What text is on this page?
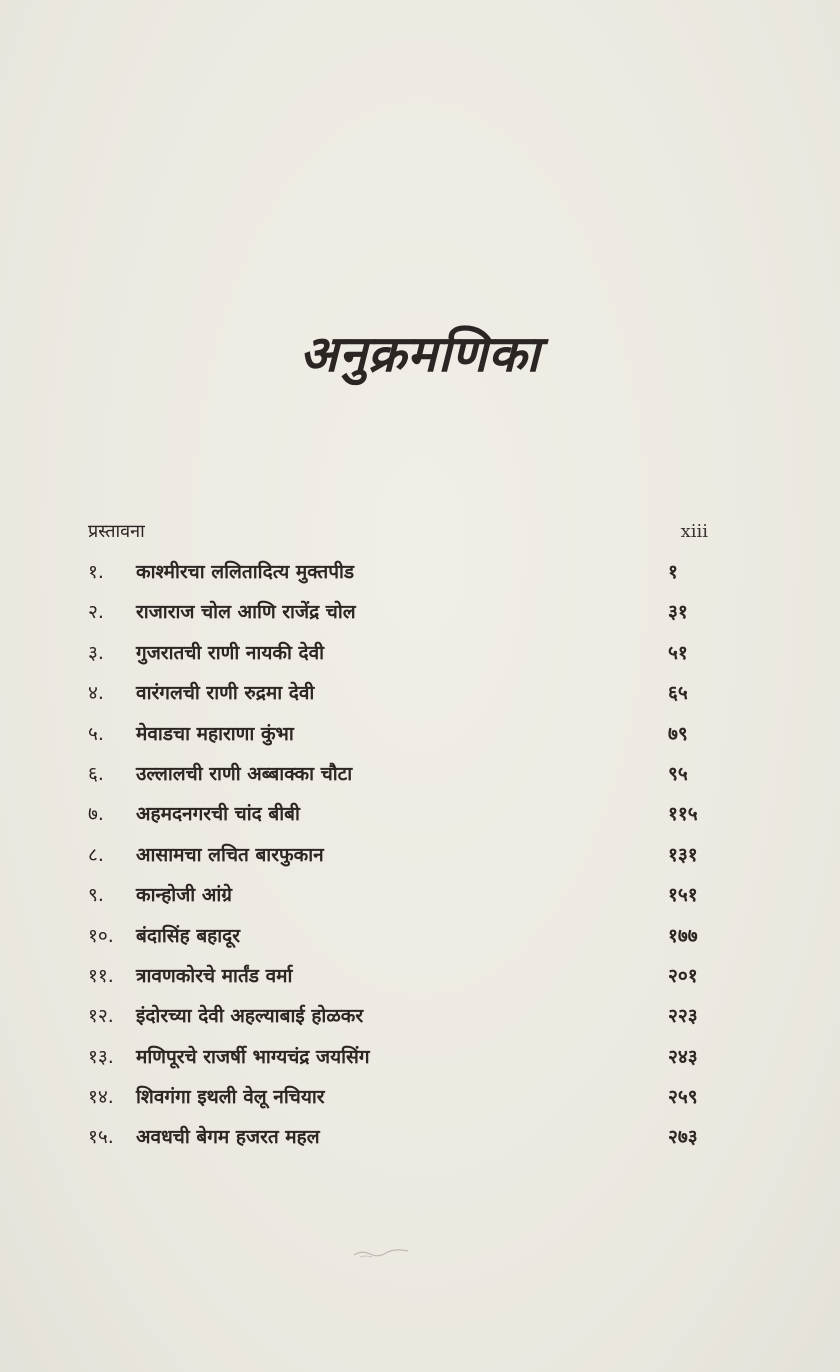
अनुक्रमणिका
प्रस्तावना	xiii
१.	काश्मीरचा ललितादित्य मुक्तपीड	१
२.	राजाराज चोल आणि राजेंद्र चोल	३१
३.	गुजरातची राणी नायकी देवी	५१
४.	वारंगलची राणी रुद्रमा देवी	६५
५.	मेवाडचा महाराणा कुंभा	७९
६.	उल्लालची राणी अब्बाक्का चौटा	९५
७.	अहमदनगरची चांद बीबी	११५
८.	आसामचा लचित बारफुकान	१३१
९.	कान्होजी आंग्रे	१५१
१०.	बंदासिंह बहादूर	१७७
११.	त्रावणकोरचे मार्तंड वर्मा	२०१
१२.	इंदोरच्या देवी अहल्याबाई होळकर	२२३
१३.	मणिपूरचे राजर्षी भाग्यचंद्र जयसिंग	२४३
१४.	शिवगंगा इथली वेलू नचियार	२५९
१५.	अवधची बेगम हजरत महल	२७३
